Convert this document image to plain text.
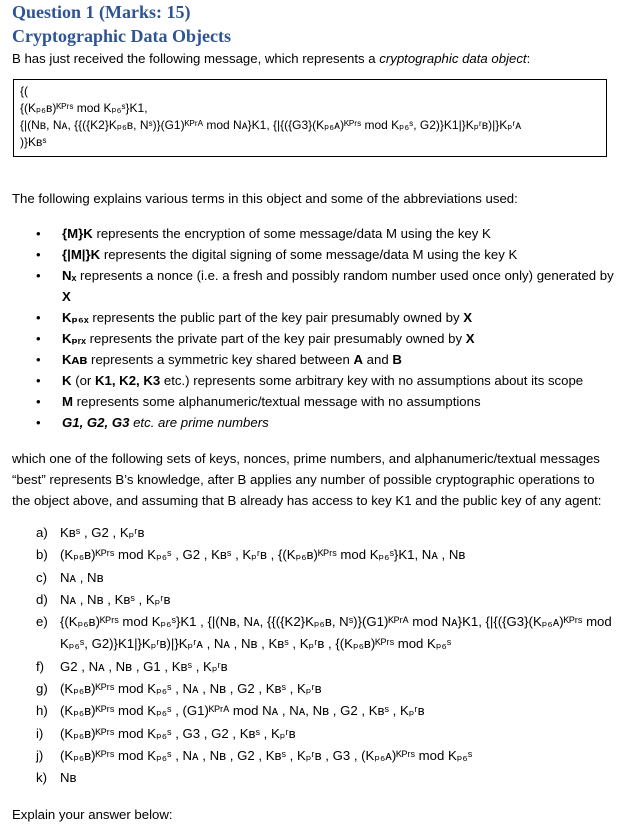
Question 1 (Marks: 15)
Cryptographic Data Objects
B has just received the following message, which represents a cryptographic data object:
{(
{(Kₚ₆ʙ)ᴷᴾʳˢ mod Kₚ₆ˢ}K1,
{|(Nʙ, Nᴀ, {{({K2}Kₚ₆ʙ, Nˢ)}(G1)ᴷᴾʳᴬ mod Nᴀ}K1, {|{({G3}(Kₚ₆ᴀ)ᴷᴾʳˢ mod Kₚ₆ˢ, G2)}K1|}Kₚʳʙ)|}Kₚʳᴀ
)}Kʙˢ
The following explains various terms in this object and some of the abbreviations used:
• {M}K represents the encryption of some message/data M using the key K
• {|M|}K represents the digital signing of some message/data M using the key K
• Nₓ represents a nonce (i.e. a fresh and possibly random number used once only) generated by X
• Kₚ₆ₓ represents the public part of the key pair presumably owned by X
• Kₚᵣₓ represents the private part of the key pair presumably owned by X
• Kᴀʙ represents a symmetric key shared between A and B
• K (or K1, K2, K3 etc.) represents some arbitrary key with no assumptions about its scope
• M represents some alphanumeric/textual message with no assumptions
• G1, G2, G3 etc. are prime numbers
which one of the following sets of keys, nonces, prime numbers, and alphanumeric/textual messages
“best” represents B’s knowledge, after B applies any number of possible cryptographic operations to
the object above, and assuming that B already has access to key K1 and the public key of any agent:
a) Kʙˢ , G2 , Kₚʳʙ
b) (Kₚ₆ʙ)ᴷᴾʳˢ mod Kₚ₆ˢ , G2 , Kʙˢ , Kₚʳʙ , {(Kₚ₆ʙ)ᴷᴾʳˢ mod Kₚ₆ˢ}K1, Nᴀ , Nʙ
c) Nᴀ , Nʙ
d) Nᴀ , Nʙ , Kʙˢ , Kₚʳʙ
e) {(Kₚ₆ʙ)ᴷᴾʳˢ mod Kₚ₆ˢ}K1 , {|(Nʙ, Nᴀ, {{({K2}Kₚ₆ʙ, Nˢ)}(G1)ᴷᴾʳᴬ mod Nᴀ}K1, {|{({G3}(Kₚ₆ᴀ)ᴷᴾʳˢ mod
Kₚ₆ˢ, G2)}K1|}Kₚʳʙ)|}Kₚʳᴀ , Nᴀ , Nʙ , Kʙˢ , Kₚʳʙ , {(Kₚ₆ʙ)ᴷᴾʳˢ mod Kₚ₆ˢ
f) G2 , Nᴀ , Nʙ , G1 , Kʙˢ , Kₚʳʙ
g) (Kₚ₆ʙ)ᴷᴾʳˢ mod Kₚ₆ˢ , Nᴀ , Nʙ , G2 , Kʙˢ , Kₚʳʙ
h) (Kₚ₆ʙ)ᴷᴾʳˢ mod Kₚ₆ˢ , (G1)ᴷᴾʳᴬ mod Nᴀ , Nᴀ, Nʙ , G2 , Kʙˢ , Kₚʳʙ
i) (Kₚ₆ʙ)ᴷᴾʳˢ mod Kₚ₆ˢ , G3 , G2 , Kʙˢ , Kₚʳʙ
j) (Kₚ₆ʙ)ᴷᴾʳˢ mod Kₚ₆ˢ , Nᴀ , Nʙ , G2 , Kʙˢ , Kₚʳʙ , G3 , (Kₚ₆ᴀ)ᴷᴾʳˢ mod Kₚ₆ˢ
k) Nʙ
Explain your answer below:
